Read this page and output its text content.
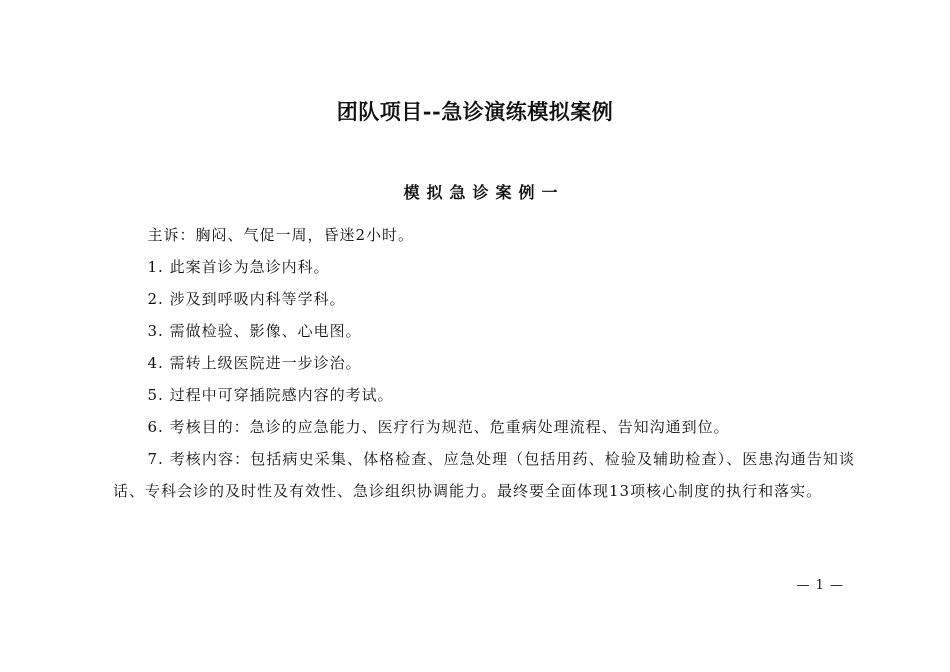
团队项目--急诊演练模拟案例
模拟急诊案例一

主诉：胸闷、气促一周，昏迷2小时。

1. 此案首诊为急诊内科。

2. 涉及到呼吸内科等学科。

3. 需做检验、影像、心电图。

4. 需转上级医院进一步诊治。

5. 过程中可穿插院感内容的考试。

6. 考核目的：急诊的应急能力、医疗行为规范、危重病处理流程、告知沟通到位。

7. 考核内容：包括病史采集、体格检查、应急处理（包括用药、检验及辅助检查）、医患沟通告知谈话、专科会诊的及时性及有效性、急诊组织协调能力。最终要全面体现13项核心制度的执行和落实。

— 1 —
